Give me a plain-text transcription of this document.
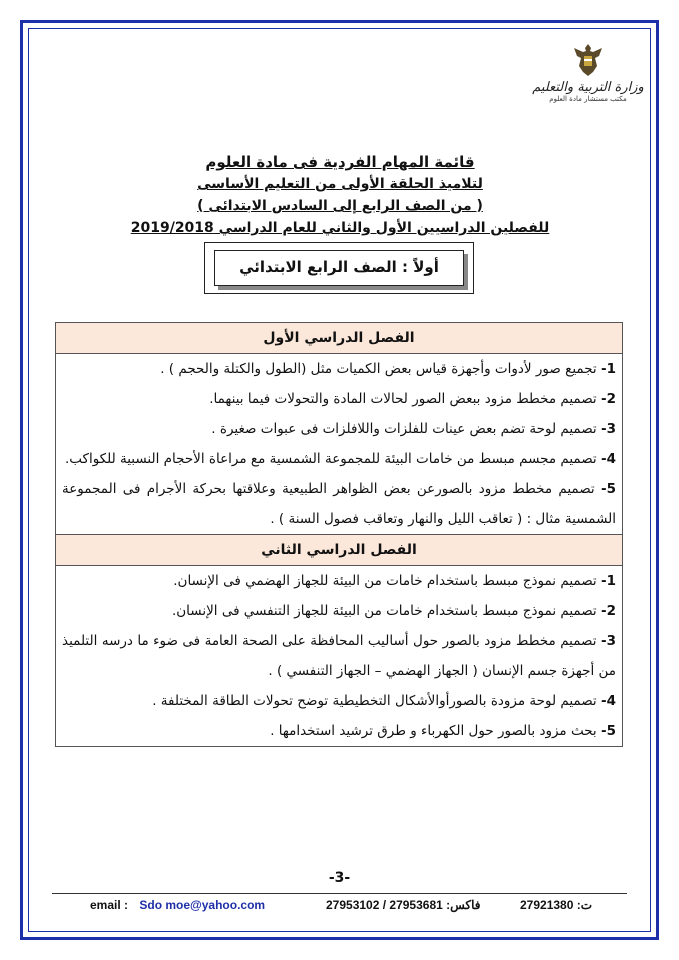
وزارة التربية والتعليم
مكتب مستشار مادة العلوم
قائمة المهام الفردية فى مادة العلوم
لتلاميذ الحلقة الأولى من التعليم الأساسى
( من الصف الرابع إلى السادس الابتدائى )
للفصلين الدراسيين الأول والثاني للعام الدراسي 2019/2018
أولاً : الصف الرابع الابتدائي
الفصل الدراسي الأول
1- تجميع صور لأدوات وأجهزة قياس بعض الكميات مثل (الطول والكتلة والحجم ) .
2- تصميم مخطط مزود ببعض الصور لحالات المادة والتحولات فيما بينهما.
3- تصميم لوحة تضم بعض عينات للفلزات واللافلزات فى عبوات صغيرة .
4- تصميم مجسم مبسط من خامات البيئة للمجموعة الشمسية مع مراعاة الأحجام النسبية للكواكب.
5- تصميم مخطط مزود بالصورعن بعض الظواهر الطبيعية وعلاقتها بحركة الأجرام فى المجموعة الشمسية مثال : ( تعاقب الليل والنهار وتعاقب فصول السنة ) .
الفصل الدراسي الثاني
1- تصميم نموذج مبسط باستخدام خامات من البيئة للجهاز الهضمي فى الإنسان.
2- تصميم نموذج مبسط باستخدام خامات من البيئة للجهاز التنفسي فى الإنسان.
3- تصميم مخطط مزود بالصور حول أساليب المحافظة على الصحة العامة فى ضوء ما درسه التلميذ من أجهزة جسم الإنسان ( الجهاز الهضمي – الجهاز التنفسي ) .
4- تصميم لوحة مزودة بالصورأوالأشكال التخطيطية توضح تحولات الطاقة المختلفة .
5- بحث مزود بالصور حول الكهرباء و طرق ترشيد استخدامها .
-3-
email : Sdo moe@yahoo.com	فاكس: 27953681 / 27953102	ت: 27921380
